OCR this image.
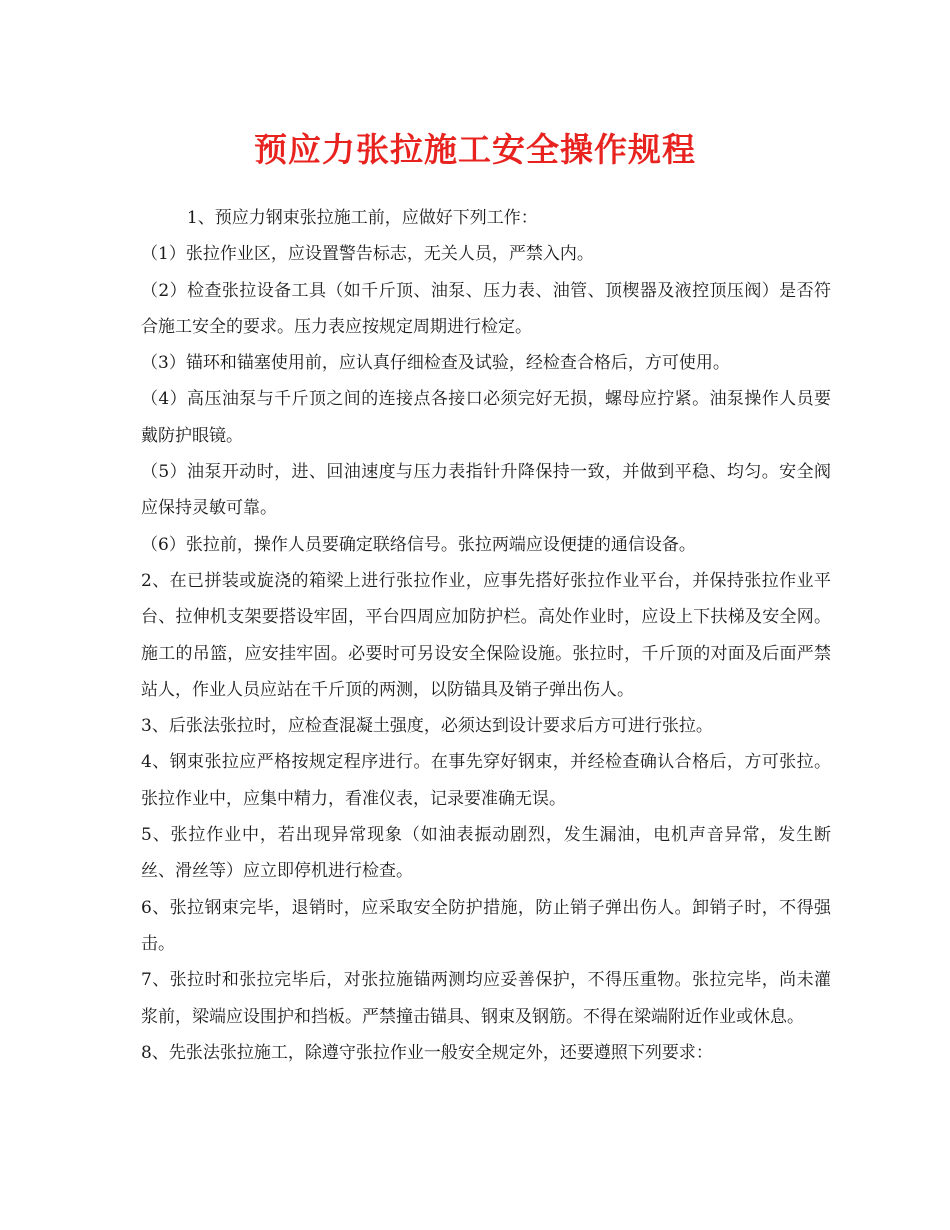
预应力张拉施工安全操作规程

1、预应力钢束张拉施工前，应做好下列工作：

（1）张拉作业区，应设置警告标志，无关人员，严禁入内。

（2）检查张拉设备工具（如千斤顶、油泵、压力表、油管、顶楔器及液控顶压阀）是否符合施工安全的要求。压力表应按规定周期进行检定。

（3）锚环和锚塞使用前，应认真仔细检查及试验，经检查合格后，方可使用。

（4）高压油泵与千斤顶之间的连接点各接口必须完好无损，螺母应拧紧。油泵操作人员要戴防护眼镜。

（5）油泵开动时，进、回油速度与压力表指针升降保持一致，并做到平稳、均匀。安全阀应保持灵敏可靠。

（6）张拉前，操作人员要确定联络信号。张拉两端应设便捷的通信设备。

2、在已拼装或旋浇的箱梁上进行张拉作业，应事先搭好张拉作业平台，并保持张拉作业平台、拉伸机支架要搭设牢固，平台四周应加防护栏。高处作业时，应设上下扶梯及安全网。施工的吊篮，应安挂牢固。必要时可另设安全保险设施。张拉时，千斤顶的对面及后面严禁站人，作业人员应站在千斤顶的两测，以防锚具及销子弹出伤人。

3、后张法张拉时，应检查混凝土强度，必须达到设计要求后方可进行张拉。

4、钢束张拉应严格按规定程序进行。在事先穿好钢束，并经检查确认合格后，方可张拉。张拉作业中，应集中精力，看准仪表，记录要准确无误。

5、张拉作业中，若出现异常现象（如油表振动剧烈，发生漏油，电机声音异常，发生断丝、滑丝等）应立即停机进行检查。

6、张拉钢束完毕，退销时，应采取安全防护措施，防止销子弹出伤人。卸销子时，不得强击。

7、张拉时和张拉完毕后，对张拉施锚两测均应妥善保护，不得压重物。张拉完毕，尚未灌浆前，梁端应设围护和挡板。严禁撞击锚具、钢束及钢筋。不得在梁端附近作业或休息。

8、先张法张拉施工，除遵守张拉作业一般安全规定外，还要遵照下列要求：
